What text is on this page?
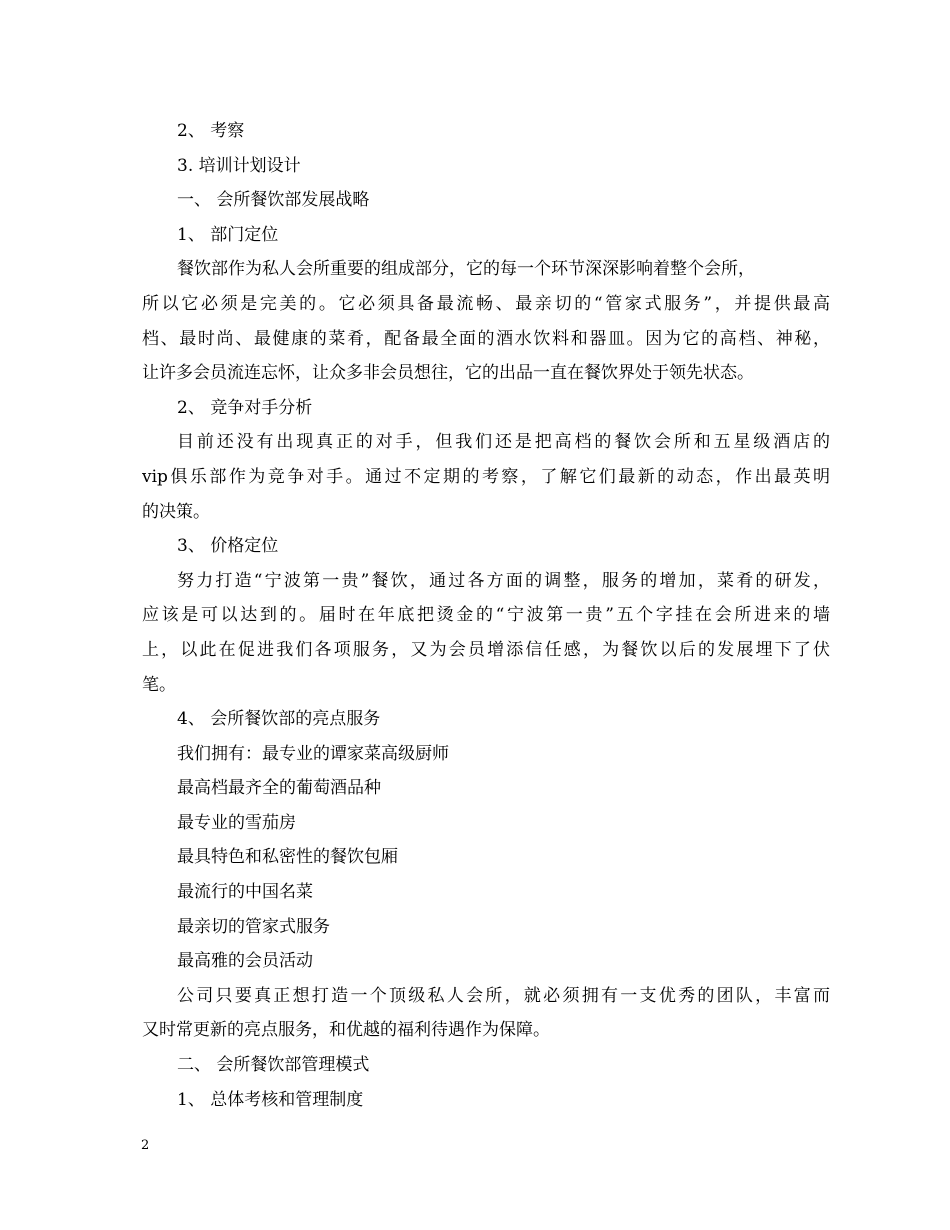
2、 考察
3. 培训计划设计
一、 会所餐饮部发展战略
1、 部门定位
餐饮部作为私人会所重要的组成部分，它的每一个环节深深影响着整个会所，
所以它必须是完美的。它必须具备最流畅、最亲切的“管家式服务”，并提供最高
档、最时尚、最健康的菜肴，配备最全面的酒水饮料和器皿。因为它的高档、神秘，
让许多会员流连忘怀，让众多非会员想往，它的出品一直在餐饮界处于领先状态。
2、 竞争对手分析
目前还没有出现真正的对手，但我们还是把高档的餐饮会所和五星级酒店的
vip俱乐部作为竞争对手。通过不定期的考察，了解它们最新的动态，作出最英明
的决策。
3、 价格定位
努力打造“宁波第一贵”餐饮，通过各方面的调整，服务的增加，菜肴的研发，
应该是可以达到的。届时在年底把烫金的“宁波第一贵”五个字挂在会所进来的墙
上，以此在促进我们各项服务，又为会员增添信任感，为餐饮以后的发展埋下了伏
笔。
4、 会所餐饮部的亮点服务
我们拥有：最专业的谭家菜高级厨师
最高档最齐全的葡萄酒品种
最专业的雪茄房
最具特色和私密性的餐饮包厢
最流行的中国名菜
最亲切的管家式服务
最高雅的会员活动
公司只要真正想打造一个顶级私人会所，就必须拥有一支优秀的团队，丰富而
又时常更新的亮点服务，和优越的福利待遇作为保障。
二、 会所餐饮部管理模式
1、 总体考核和管理制度
2
